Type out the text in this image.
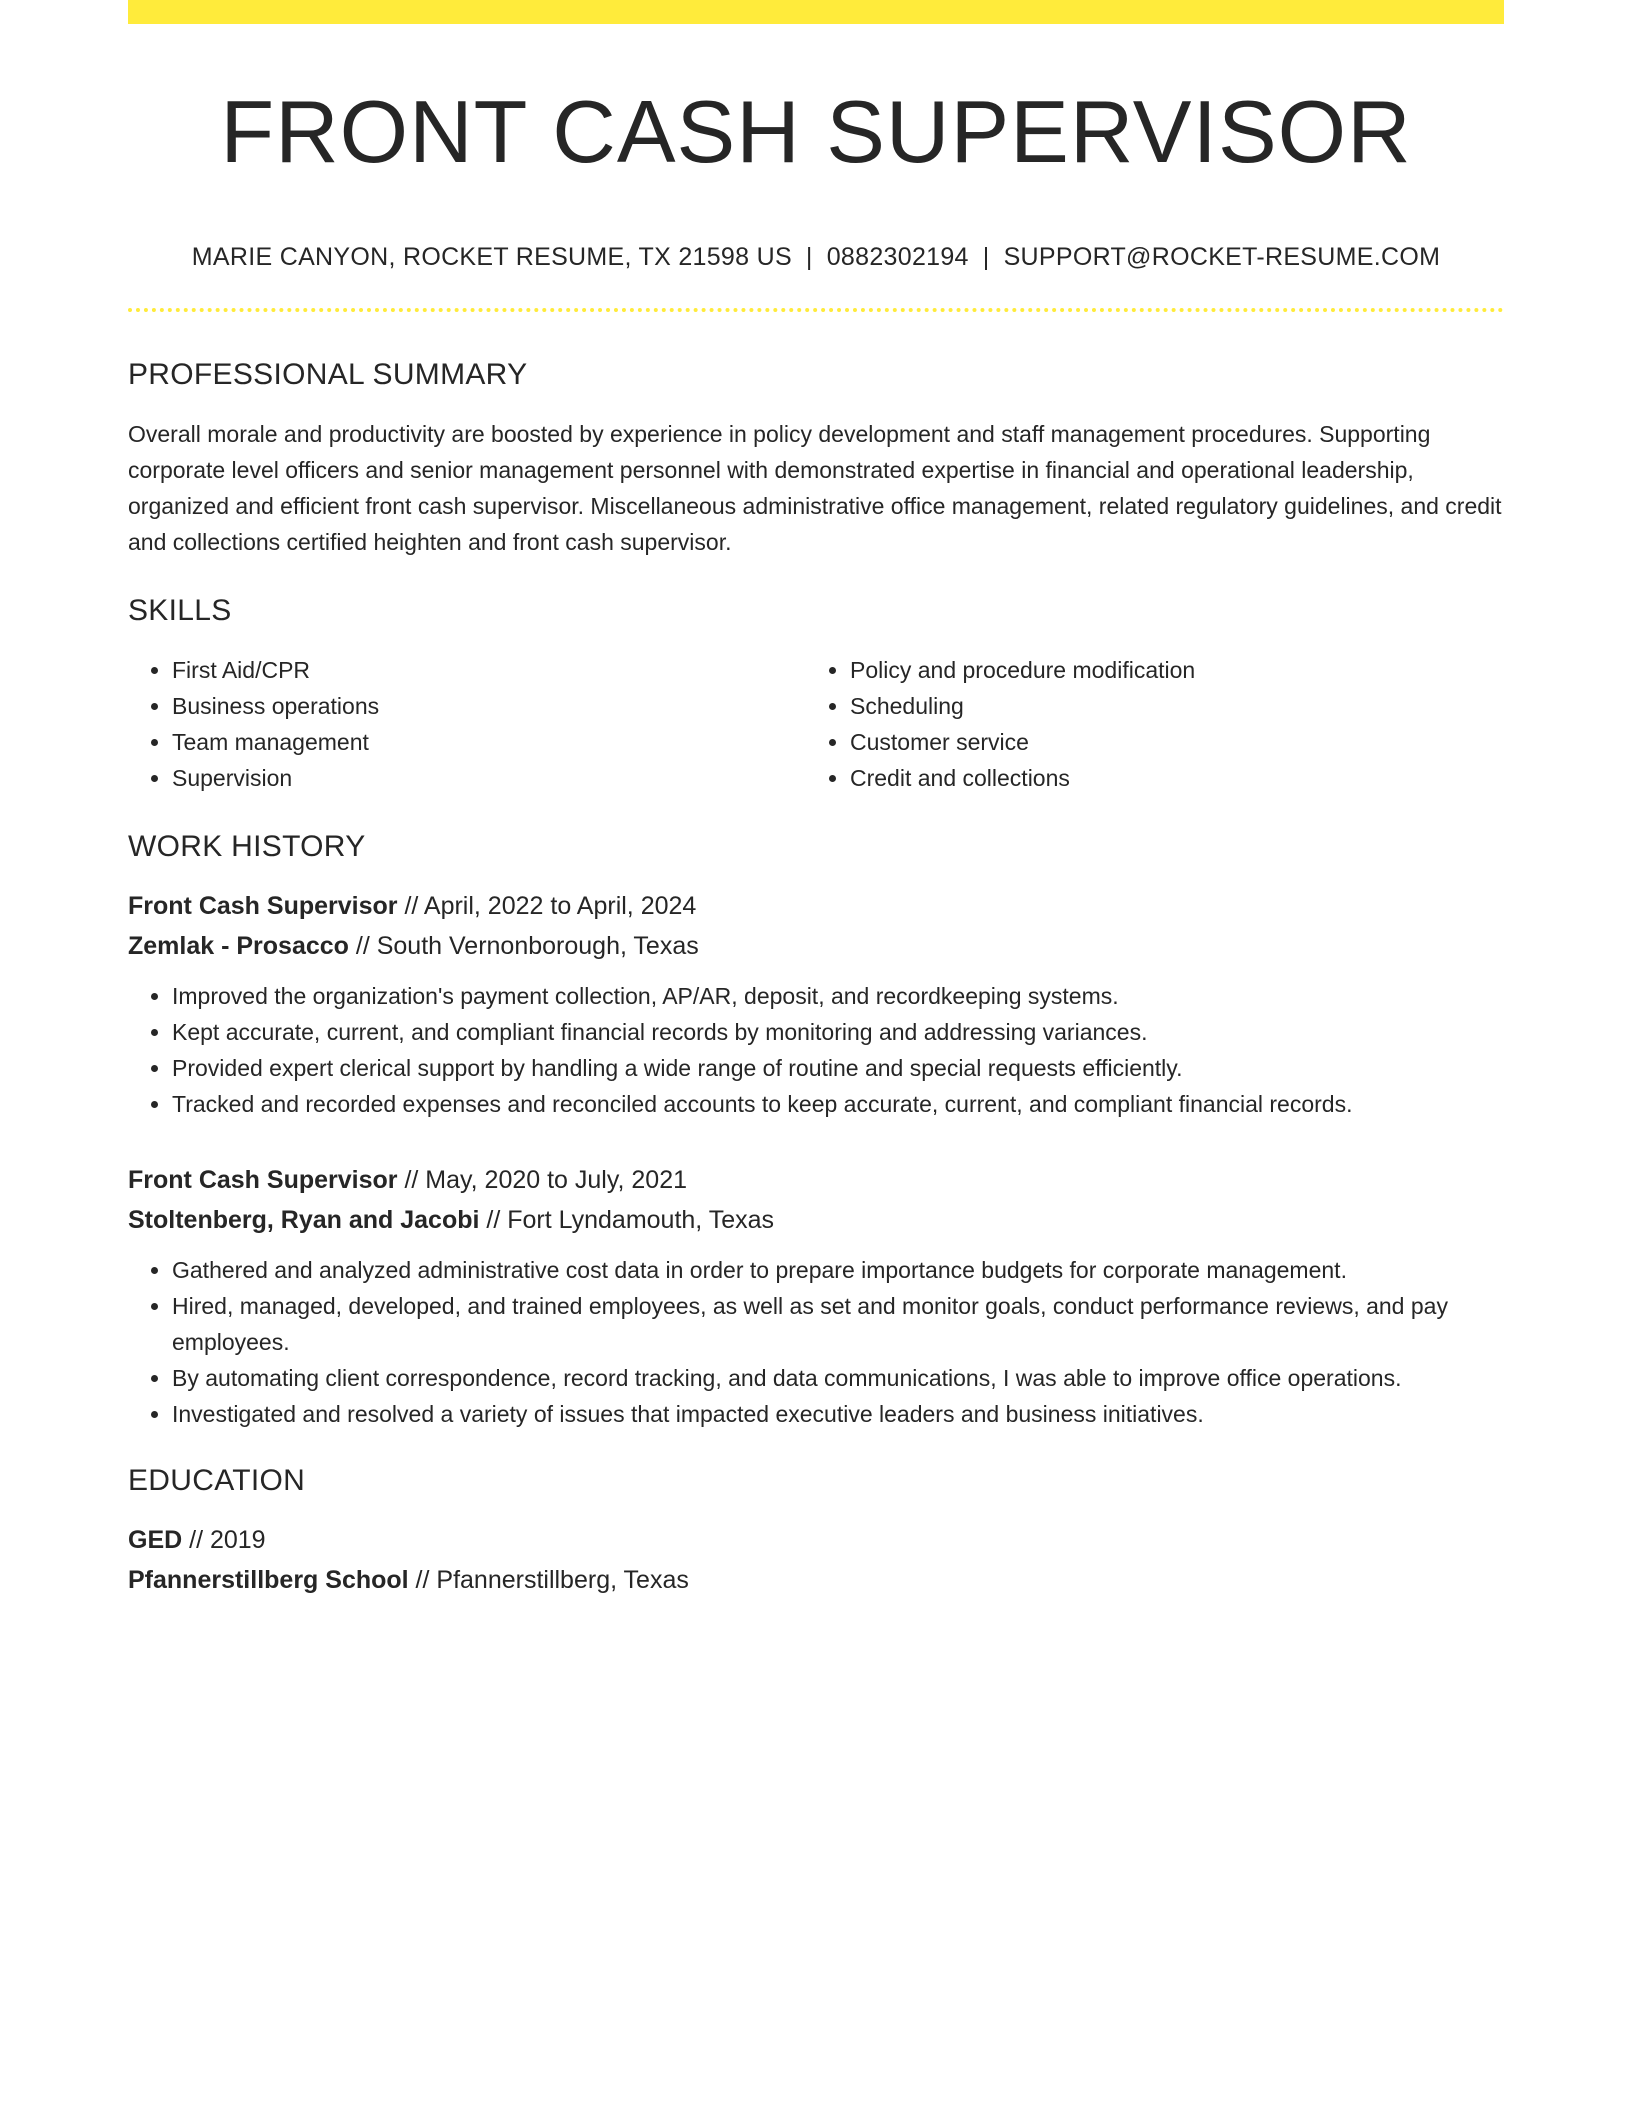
FRONT CASH SUPERVISOR
MARIE CANYON, ROCKET RESUME, TX 21598 US | 0882302194 | SUPPORT@ROCKET-RESUME.COM
PROFESSIONAL SUMMARY

Overall morale and productivity are boosted by experience in policy development and staff management procedures. Supporting corporate level officers and senior management personnel with demonstrated expertise in financial and operational leadership, organized and efficient front cash supervisor. Miscellaneous administrative office management, related regulatory guidelines, and credit and collections certified heighten and front cash supervisor.

SKILLS
• First Aid/CPR
• Business operations
• Team management
• Supervision
• Policy and procedure modification
• Scheduling
• Customer service
• Credit and collections
WORK HISTORY
Front Cash Supervisor // April, 2022 to April, 2024
Zemlak - Prosacco // South Vernonborough, Texas
• Improved the organization's payment collection, AP/AR, deposit, and recordkeeping systems.
• Kept accurate, current, and compliant financial records by monitoring and addressing variances.
• Provided expert clerical support by handling a wide range of routine and special requests efficiently.
• Tracked and recorded expenses and reconciled accounts to keep accurate, current, and compliant financial records.
Front Cash Supervisor // May, 2020 to July, 2021
Stoltenberg, Ryan and Jacobi // Fort Lyndamouth, Texas
• Gathered and analyzed administrative cost data in order to prepare importance budgets for corporate management.
• Hired, managed, developed, and trained employees, as well as set and monitor goals, conduct performance reviews, and pay employees.
• By automating client correspondence, record tracking, and data communications, I was able to improve office operations.
• Investigated and resolved a variety of issues that impacted executive leaders and business initiatives.
EDUCATION
GED // 2019
Pfannerstillberg School // Pfannerstillberg, Texas
